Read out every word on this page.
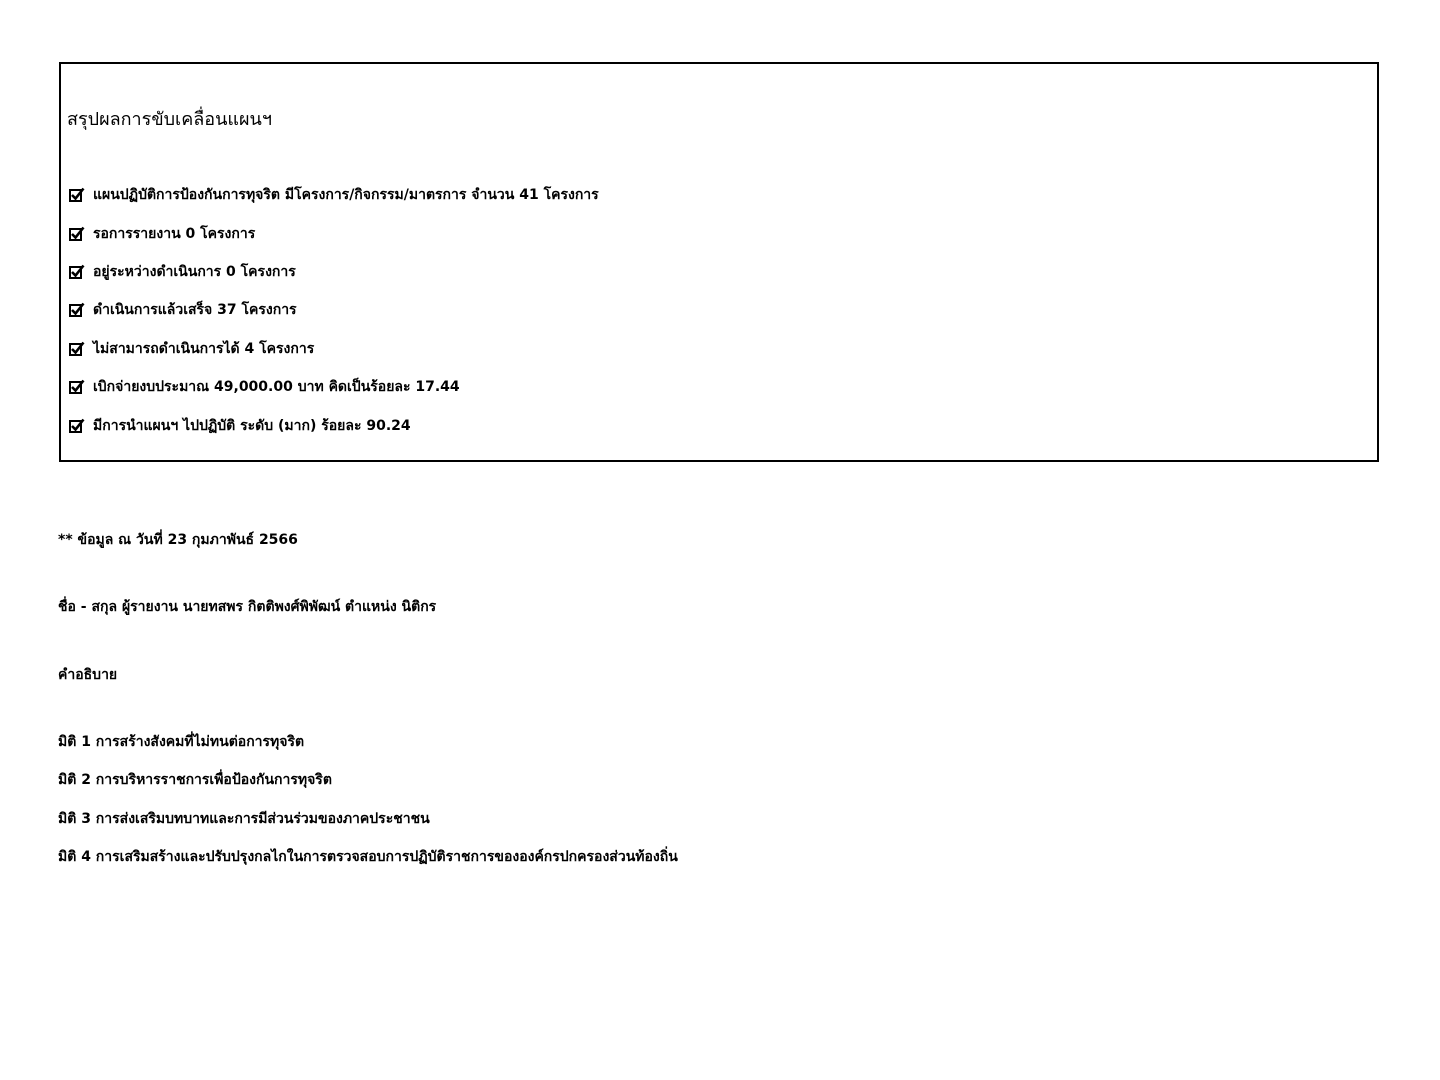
สรุปผลการขับเคลื่อนแผนฯ
แผนปฏิบัติการป้องกันการทุจริต มีโครงการ/กิจกรรม/มาตรการ จำนวน 41 โครงการ
รอการรายงาน 0 โครงการ
อยู่ระหว่างดำเนินการ 0 โครงการ
ดำเนินการแล้วเสร็จ 37 โครงการ
ไม่สามารถดำเนินการได้ 4 โครงการ
เบิกจ่ายงบประมาณ 49,000.00 บาท คิดเป็นร้อยละ 17.44
มีการนำแผนฯ ไปปฏิบัติ ระดับ (มาก) ร้อยละ 90.24
** ข้อมูล ณ วันที่ 23 กุมภาพันธ์ 2566
ชื่อ - สกุล ผู้รายงาน นายทสพร กิตติพงศ์พิพัฒน์ ตำแหน่ง นิติกร
คำอธิบาย
มิติ 1 การสร้างสังคมที่ไม่ทนต่อการทุจริต
มิติ 2 การบริหารราชการเพื่อป้องกันการทุจริต
มิติ 3 การส่งเสริมบทบาทและการมีส่วนร่วมของภาคประชาชน
มิติ 4 การเสริมสร้างและปรับปรุงกลไกในการตรวจสอบการปฏิบัติราชการขององค์กรปกครองส่วนท้องถิ่น
